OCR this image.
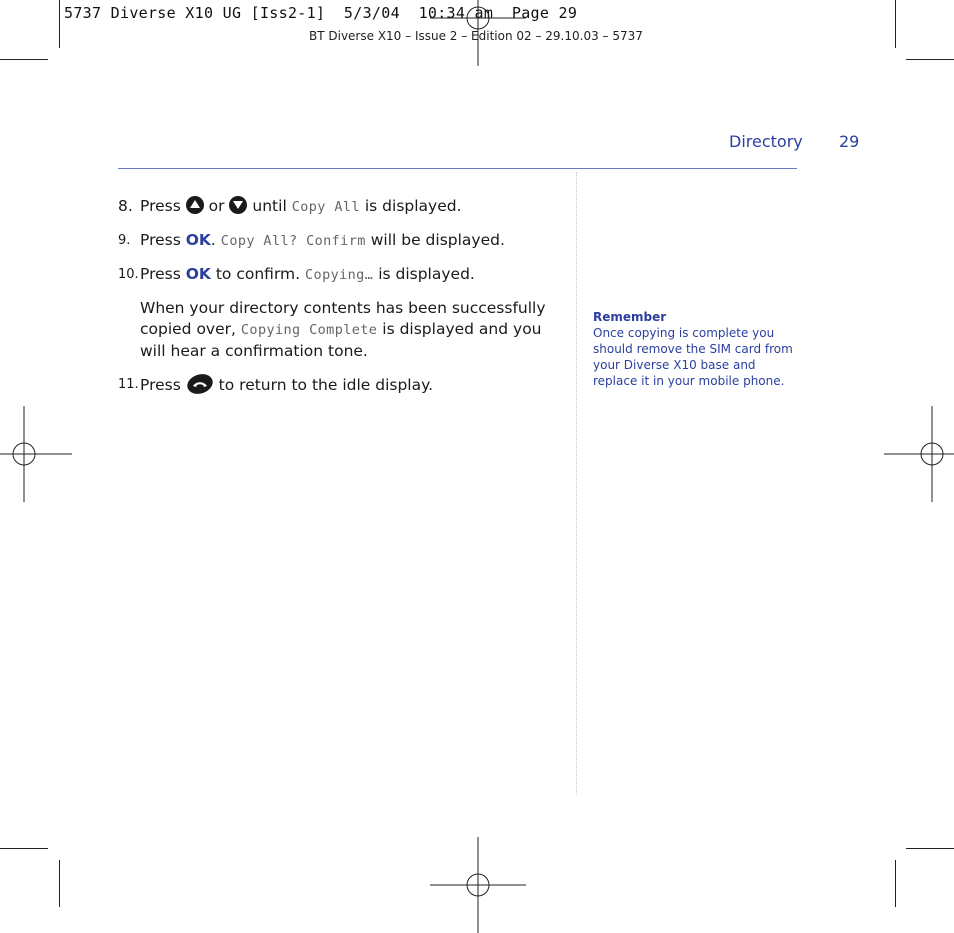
5737 Diverse X10 UG [Iss2-1]  5/3/04  10:34 am  Page 29
BT Diverse X10 – Issue 2 – Edition 02 – 29.10.03 – 5737
Directory 29
8. Press or until Copy All is displayed.
9. Press OK. Copy All? Confirm will be displayed.
10. Press OK to confirm. Copying… is displayed.
When your directory contents has been successfully copied over, Copying Complete is displayed and you will hear a confirmation tone.
11. Press to return to the idle display.
Remember
Once copying is complete you should remove the SIM card from your Diverse X10 base and replace it in your mobile phone.
